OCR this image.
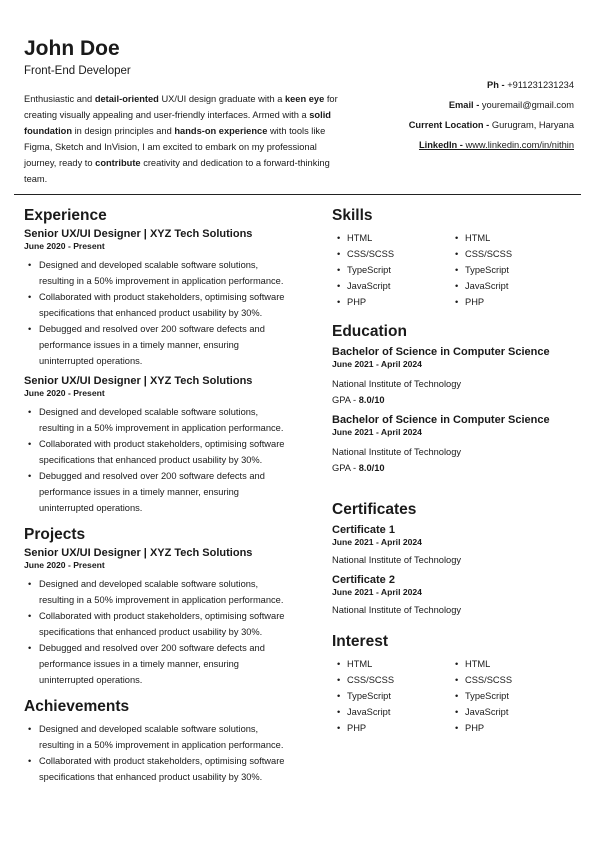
John Doe
Front-End Developer
Enthusiastic and detail-oriented UX/UI design graduate with a keen eye for creating visually appealing and user-friendly interfaces. Armed with a solid foundation in design principles and hands-on experience with tools like Figma, Sketch and InVision, I am excited to embark on my professional journey, ready to contribute creativity and dedication to a forward-thinking team.
Ph - +911231231234
Email - youremail@gmail.com
Current Location - Gurugram, Haryana
LinkedIn - www.linkedin.com/in/nithin
Experience
Senior UX/UI Designer | XYZ Tech Solutions
June 2020 - Present
• Designed and developed scalable software solutions,
resulting in a 50% improvement in application performance.
• Collaborated with product stakeholders, optimising software
specifications that enhanced product usability by 30%.
• Debugged and resolved over 200 software defects and
performance issues in a timely manner, ensuring
uninterrupted operations.
Senior UX/UI Designer | XYZ Tech Solutions
June 2020 - Present
• Designed and developed scalable software solutions,
resulting in a 50% improvement in application performance.
• Collaborated with product stakeholders, optimising software
specifications that enhanced product usability by 30%.
• Debugged and resolved over 200 software defects and
performance issues in a timely manner, ensuring
uninterrupted operations.
Projects
Senior UX/UI Designer | XYZ Tech Solutions
June 2020 - Present
• Designed and developed scalable software solutions,
resulting in a 50% improvement in application performance.
• Collaborated with product stakeholders, optimising software
specifications that enhanced product usability by 30%.
• Debugged and resolved over 200 software defects and
performance issues in a timely manner, ensuring
uninterrupted operations.
Achievements
• Designed and developed scalable software solutions,
resulting in a 50% improvement in application performance.
• Collaborated with product stakeholders, optimising software
specifications that enhanced product usability by 30%.
Skills
• HTML	• HTML
• CSS/SCSS	• CSS/SCSS
• TypeScript	• TypeScript
• JavaScript	• JavaScript
• PHP	• PHP
Education
Bachelor of Science in Computer Science
June 2021 - April 2024
National Institute of Technology
GPA - 8.0/10
Bachelor of Science in Computer Science
June 2021 - April 2024
National Institute of Technology
GPA - 8.0/10
Certificates
Certificate 1
June 2021 - April 2024
National Institute of Technology
Certificate 2
June 2021 - April 2024
National Institute of Technology
Interest
• HTML	• HTML
• CSS/SCSS	• CSS/SCSS
• TypeScript	• TypeScript
• JavaScript	• JavaScript
• PHP	• PHP
